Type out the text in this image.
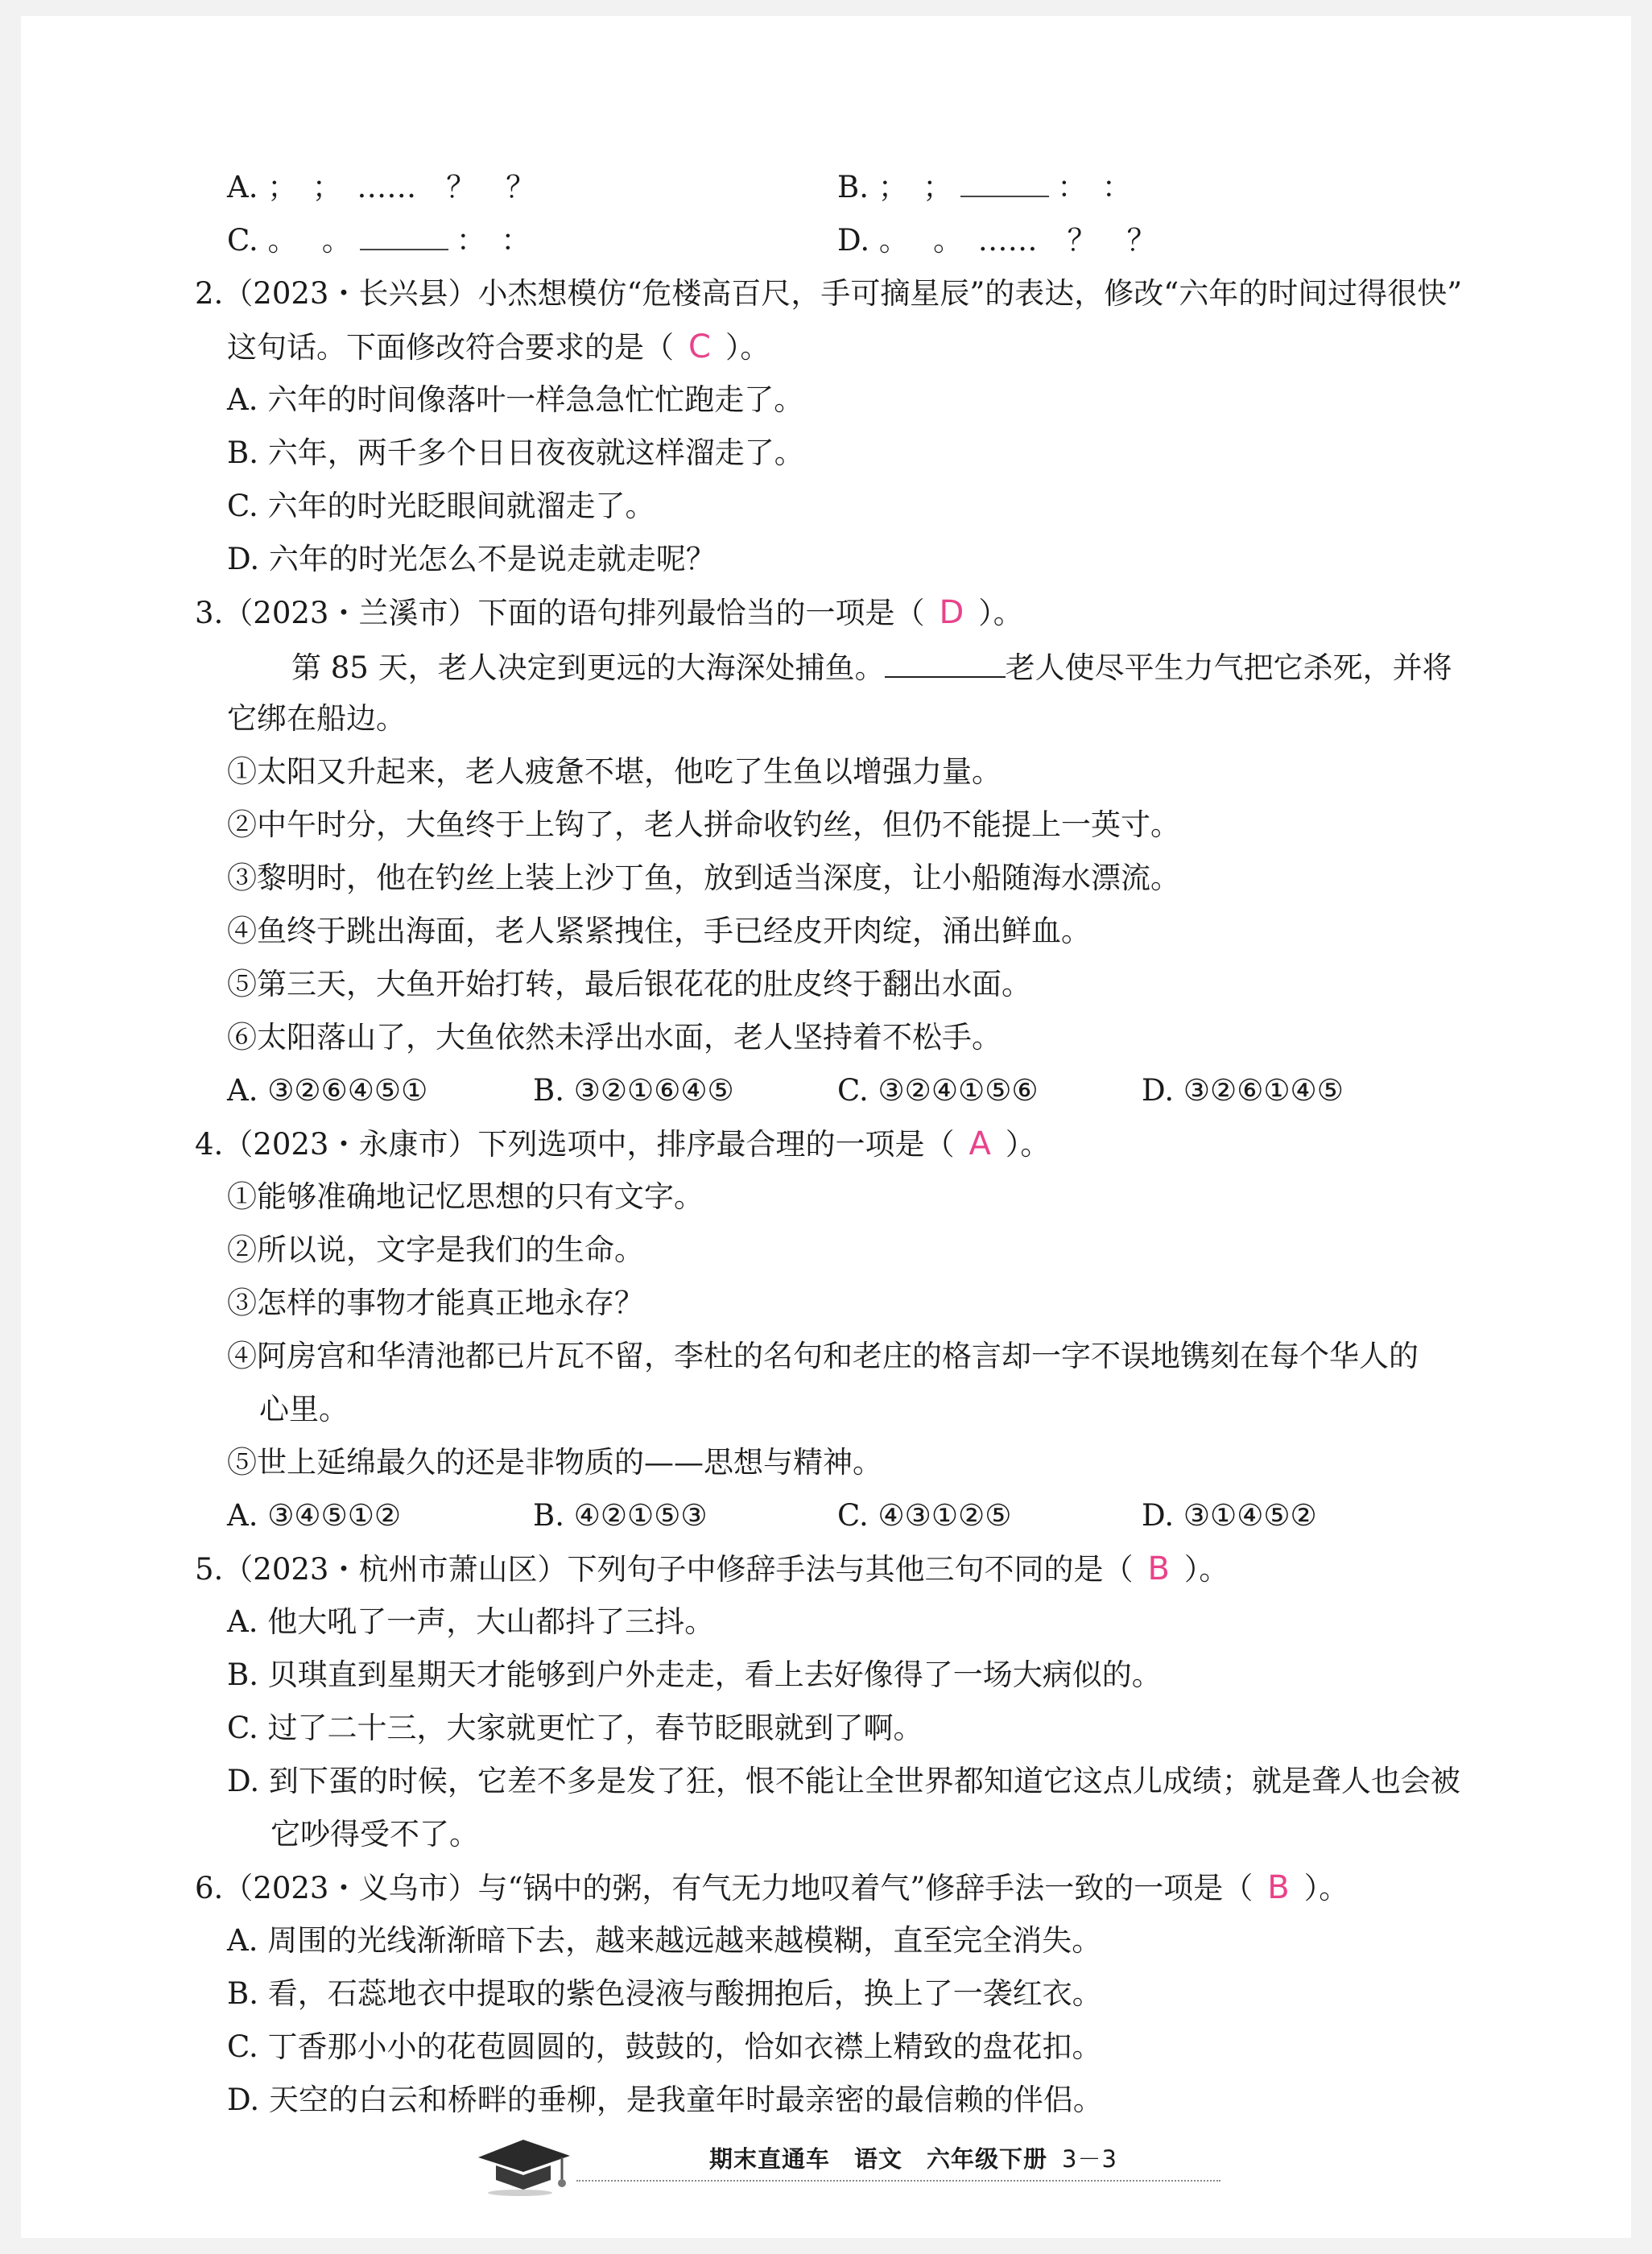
A. ；　；　……　？　？	B. ；　；	：　：
C. 。　 。	：　：	D. 。　 。　……　？　？
2.（2023・长兴县）小杰想模仿“危楼高百尺，手可摘星辰”的表达，修改“六年的时间过得很快”
这句话。下面修改符合要求的是（ C ）。
A. 六年的时间像落叶一样急急忙忙跑走了。
B. 六年，两千多个日日夜夜就这样溜走了。
C. 六年的时光眨眼间就溜走了。
D. 六年的时光怎么不是说走就走呢？
3.（2023・兰溪市）下面的语句排列最恰当的一项是（ D ）。
第 85 天，老人决定到更远的大海深处捕鱼。	老人使尽平生力气把它杀死，并将
它绑在船边。
①太阳又升起来，老人疲惫不堪，他吃了生鱼以增强力量。
②中午时分，大鱼终于上钩了，老人拼命收钓丝，但仍不能提上一英寸。
③黎明时，他在钓丝上装上沙丁鱼，放到适当深度，让小船随海水漂流。
④鱼终于跳出海面，老人紧紧拽住，手已经皮开肉绽，涌出鲜血。
⑤第三天，大鱼开始打转，最后银花花的肚皮终于翻出水面。
⑥太阳落山了，大鱼依然未浮出水面，老人坚持着不松手。
A. ③②⑥④⑤①	B. ③②①⑥④⑤	C. ③②④①⑤⑥	D. ③②⑥①④⑤
4.（2023・永康市）下列选项中，排序最合理的一项是（ A ）。
①能够准确地记忆思想的只有文字。
②所以说，文字是我们的生命。
③怎样的事物才能真正地永存？
④阿房宫和华清池都已片瓦不留，李杜的名句和老庄的格言却一字不误地镌刻在每个华人的
心里。
⑤世上延绵最久的还是非物质的——思想与精神。
A. ③④⑤①②	B. ④②①⑤③	C. ④③①②⑤	D. ③①④⑤②
5.（2023・杭州市萧山区）下列句子中修辞手法与其他三句不同的是（ B ）。
A. 他大吼了一声，大山都抖了三抖。
B. 贝琪直到星期天才能够到户外走走，看上去好像得了一场大病似的。
C. 过了二十三，大家就更忙了，春节眨眼就到了啊。
D. 到下蛋的时候，它差不多是发了狂，恨不能让全世界都知道它这点儿成绩；就是聋人也会被
它吵得受不了。
6.（2023・义乌市）与“锅中的粥，有气无力地叹着气”修辞手法一致的一项是（ B ）。
A. 周围的光线渐渐暗下去，越来越远越来越模糊，直至完全消失。
B. 看，石蕊地衣中提取的紫色浸液与酸拥抱后，换上了一袭红衣。
C. 丁香那小小的花苞圆圆的，鼓鼓的，恰如衣襟上精致的盘花扣。
D. 天空的白云和桥畔的垂柳，是我童年时最亲密的最信赖的伴侣。
期末直通车　语文　六年级下册 3－3
